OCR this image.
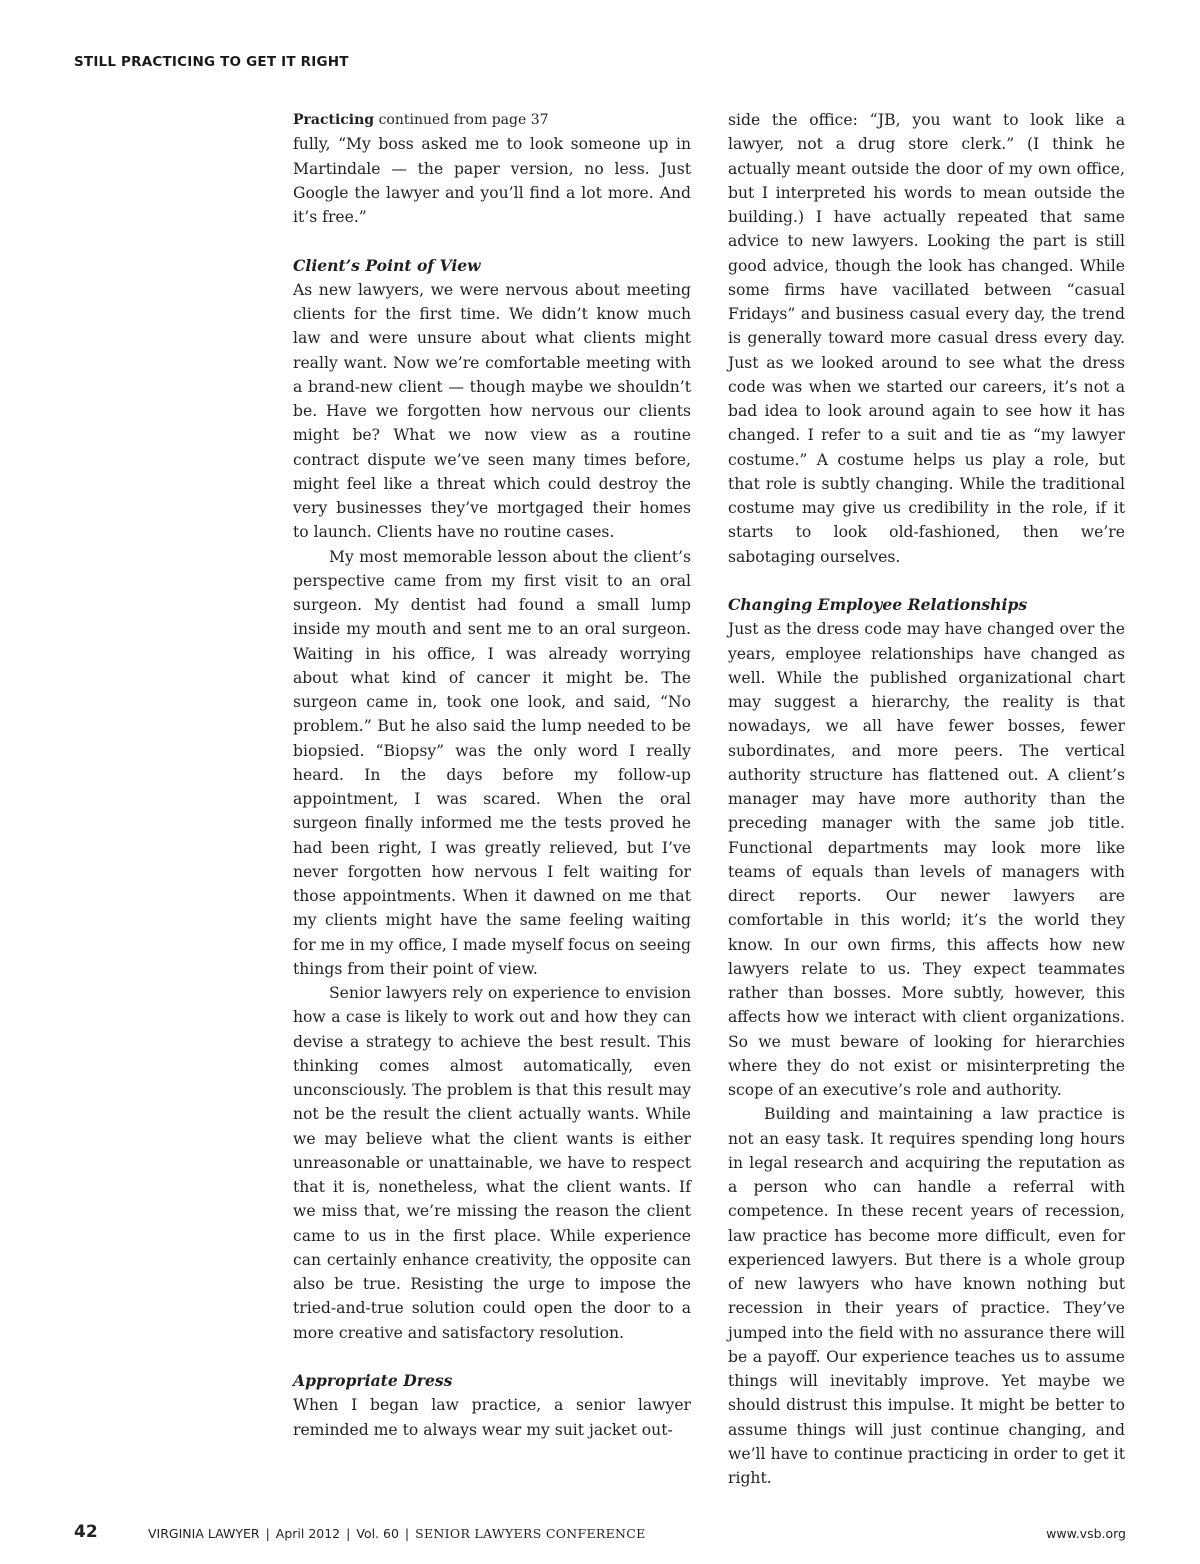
STILL PRACTICING TO GET IT RIGHT

Practicing continued from page 37

fully, “My boss asked me to look someone up in Martindale — the paper version, no less. Just Google the lawyer and you’ll find a lot more. And it’s free.”

Client’s Point of View

As new lawyers, we were nervous about meeting clients for the first time. We didn’t know much law and were unsure about what clients might really want. Now we’re comfortable meeting with a brand-new client — though maybe we shouldn’t be. Have we forgotten how nervous our clients might be? What we now view as a routine contract dispute we’ve seen many times before, might feel like a threat which could destroy the very businesses they’ve mortgaged their homes to launch. Clients have no routine cases.

My most memorable lesson about the client’s perspective came from my first visit to an oral surgeon. My dentist had found a small lump inside my mouth and sent me to an oral surgeon. Waiting in his office, I was already worrying about what kind of cancer it might be. The surgeon came in, took one look, and said, “No problem.” But he also said the lump needed to be biopsied. “Biopsy” was the only word I really heard. In the days before my follow-up appointment, I was scared. When the oral surgeon finally informed me the tests proved he had been right, I was greatly relieved, but I’ve never forgotten how nervous I felt waiting for those appointments. When it dawned on me that my clients might have the same feeling waiting for me in my office, I made myself focus on seeing things from their point of view.

Senior lawyers rely on experience to envision how a case is likely to work out and how they can devise a strategy to achieve the best result. This thinking comes almost automatically, even unconsciously. The problem is that this result may not be the result the client actually wants. While we may believe what the client wants is either unreasonable or unattainable, we have to respect that it is, nonetheless, what the client wants. If we miss that, we’re missing the reason the client came to us in the first place. While experience can certainly enhance creativity, the opposite can also be true. Resisting the urge to impose the tried-and-true solution could open the door to a more creative and satisfactory resolution.

Appropriate Dress

When I began law practice, a senior lawyer reminded me to always wear my suit jacket out-

side the office: “JB, you want to look like a lawyer, not a drug store clerk.” (I think he actually meant outside the door of my own office, but I interpreted his words to mean outside the building.) I have actually repeated that same advice to new lawyers. Looking the part is still good advice, though the look has changed. While some firms have vacillated between “casual Fridays” and business casual every day, the trend is generally toward more casual dress every day. Just as we looked around to see what the dress code was when we started our careers, it’s not a bad idea to look around again to see how it has changed. I refer to a suit and tie as “my lawyer costume.” A costume helps us play a role, but that role is subtly changing. While the traditional costume may give us credibility in the role, if it starts to look old-fashioned, then we’re sabotaging ourselves.

Changing Employee Relationships

Just as the dress code may have changed over the years, employee relationships have changed as well. While the published organizational chart may suggest a hierarchy, the reality is that nowadays, we all have fewer bosses, fewer subordinates, and more peers. The vertical authority structure has flattened out. A client’s manager may have more authority than the preceding manager with the same job title. Functional departments may look more like teams of equals than levels of managers with direct reports. Our newer lawyers are comfortable in this world; it’s the world they know. In our own firms, this affects how new lawyers relate to us. They expect teammates rather than bosses. More subtly, however, this affects how we interact with client organizations. So we must beware of looking for hierarchies where they do not exist or misinterpreting the scope of an executive’s role and authority.

Building and maintaining a law practice is not an easy task. It requires spending long hours in legal research and acquiring the reputation as a person who can handle a referral with competence. In these recent years of recession, law practice has become more difficult, even for experienced lawyers. But there is a whole group of new lawyers who have known nothing but recession in their years of practice. They’ve jumped into the field with no assurance there will be a payoff. Our experience teaches us to assume things will inevitably improve. Yet maybe we should distrust this impulse. It might be better to assume things will just continue changing, and we’ll have to continue practicing in order to get it right.

42	VIRGINIA LAWYER | April 2012 | Vol. 60 | SENIOR LAWYERS CONFERENCE	www.vsb.org
